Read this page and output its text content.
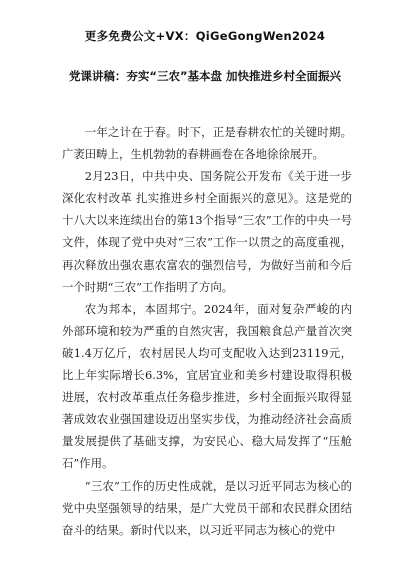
更多免费公文+VX：QiGeGongWen2024
党课讲稿：夯实“三农”基本盘 加快推进乡村全面振兴

一年之计在于春。时下，正是春耕农忙的关键时期。广袤田畴上，生机勃勃的春耕画卷在各地徐徐展开。

2月23日，中共中央、国务院公开发布《关于进一步深化农村改革 扎实推进乡村全面振兴的意见》。这是党的十八大以来连续出台的第13个指导“三农”工作的中央一号文件，体现了党中央对“三农”工作一以贯之的高度重视，再次释放出强农惠农富农的强烈信号，为做好当前和今后一个时期“三农”工作指明了方向。

农为邦本，本固邦宁。2024年，面对复杂严峻的内外部环境和较为严重的自然灾害，我国粮食总产量首次突破1.4万亿斤，农村居民人均可支配收入达到23119元，比上年实际增长6.3%，宜居宜业和美乡村建设取得积极进展，农村改革重点任务稳步推进，乡村全面振兴取得显著成效农业强国建设迈出坚实步伐，为推动经济社会高质量发展提供了基础支撑，为安民心、稳大局发挥了“压舱石”作用。

“三农”工作的历史性成就，是以习近平同志为核心的党中央坚强领导的结果，是广大党员干部和农民群众团结奋斗的结果。新时代以来，以习近平同志为核心的党中
